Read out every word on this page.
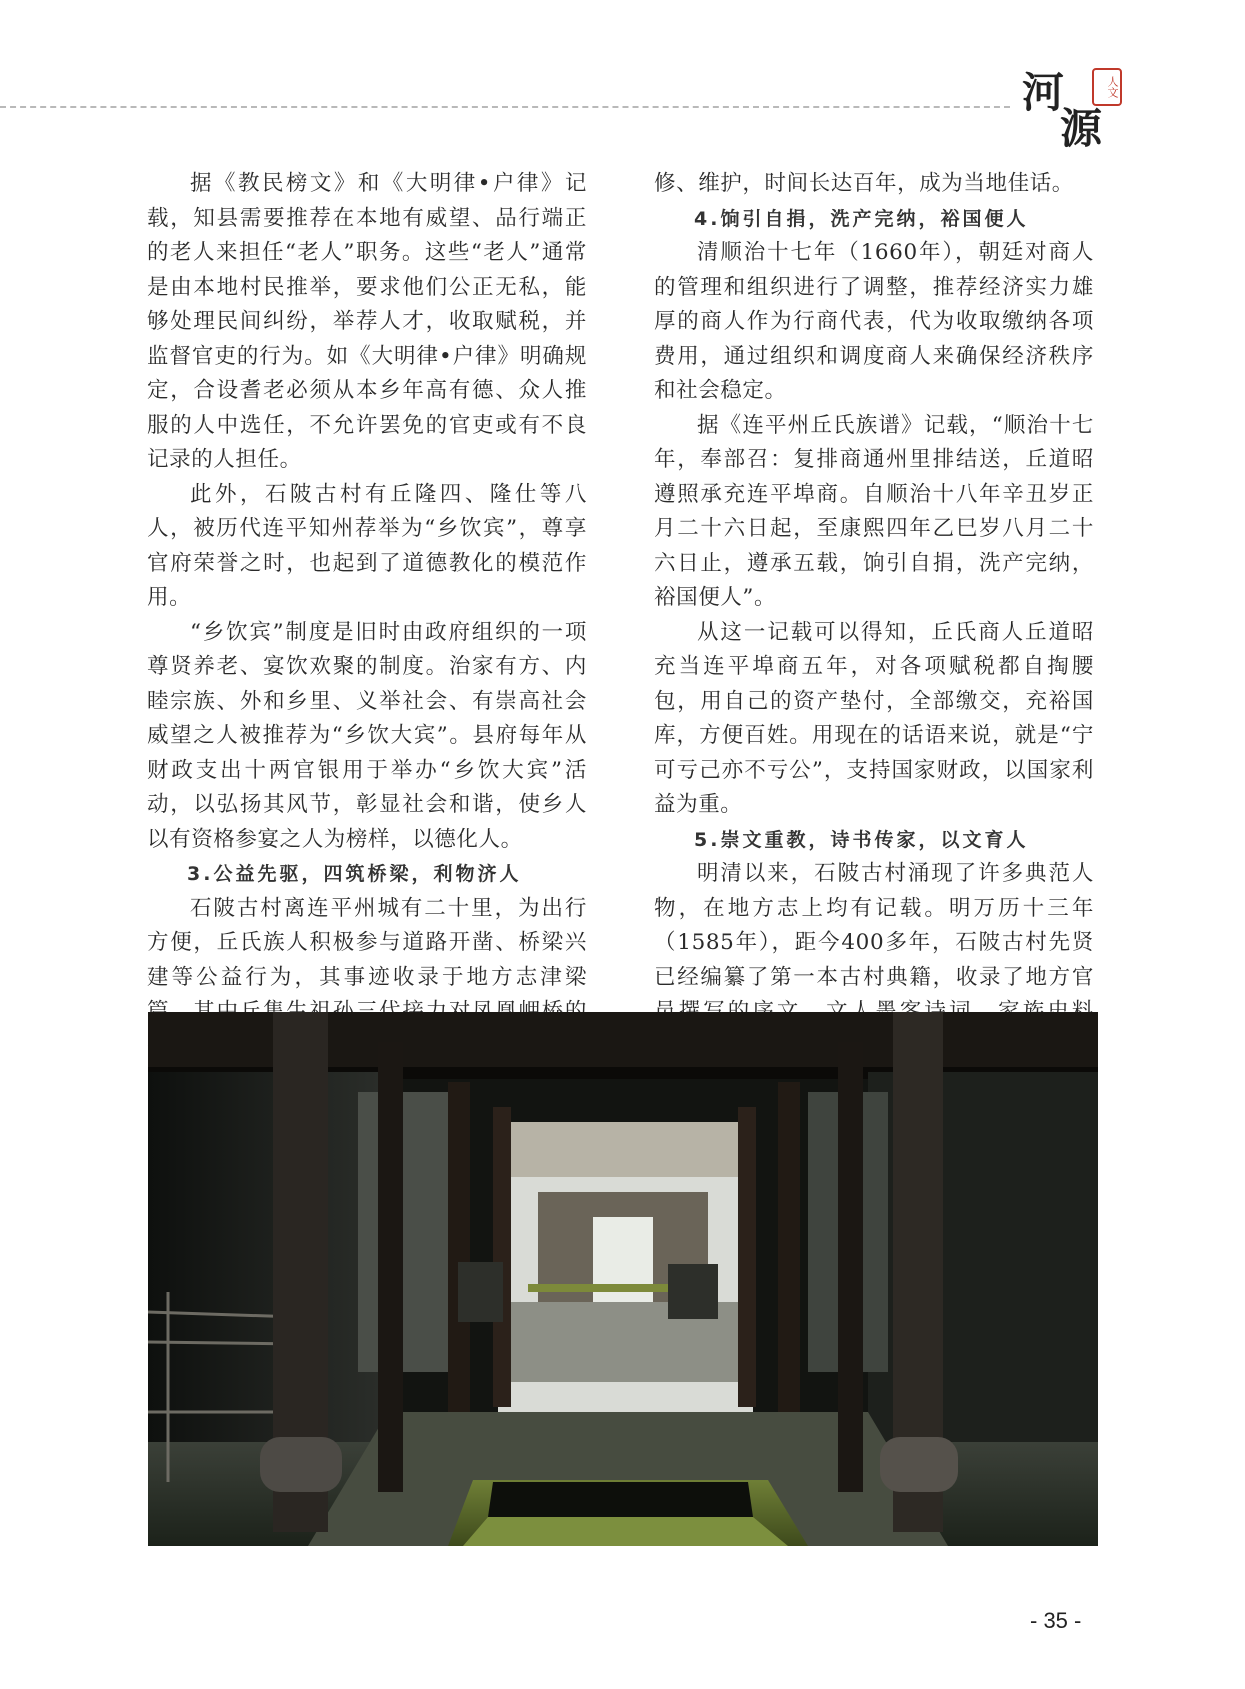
河
源
人文

据《教民榜文》和《大明律•户律》记载，知县需要推荐在本地有威望、品行端正的老人来担任“老人”职务。这些“老人”通常是由本地村民推举，要求他们公正无私，能够处理民间纠纷，举荐人才，收取赋税，并监督官吏的行为。如《大明律•户律》明确规定，合设耆老必须从本乡年高有德、众人推服的人中选任，不允许罢免的官吏或有不良记录的人担任。

此外，石陂古村有丘隆四、隆仕等八人，被历代连平知州荐举为“乡饮宾”，尊享官府荣誉之时，也起到了道德教化的模范作用。

“乡饮宾”制度是旧时由政府组织的一项尊贤养老、宴饮欢聚的制度。治家有方、内睦宗族、外和乡里、义举社会、有崇高社会威望之人被推荐为“乡饮大宾”。县府每年从财政支出十两官银用于举办“乡饮大宾”活动，以弘扬其风节，彰显社会和谐，使乡人以有资格参宴之人为榜样，以德化人。

3.公益先驱，四筑桥梁，利物济人

石陂古村离连平州城有二十里，为出行方便，丘氏族人积极参与道路开凿、桥梁兴建等公益行为，其事迹收录于地方志津梁

修、维护，时间长达百年，成为当地佳话。

4.饷引自捐，洗产完纳，裕国便人

清顺治十七年（1660年），朝廷对商人的管理和组织进行了调整，推荐经济实力雄厚的商人作为行商代表，代为收取缴纳各项费用，通过组织和调度商人来确保经济秩序和社会稳定。

据《连平州丘氏族谱》记载，“顺治十七年，奉部召：复排商通州里排结送，丘道昭遵照承充连平埠商。自顺治十八年辛丑岁正月二十六日起，至康熙四年乙巳岁八月二十六日止，遵承五载，饷引自捐，洗产完纳，裕国便人”。

从这一记载可以得知，丘氏商人丘道昭充当连平埠商五年，对各项赋税都自掏腰包，用自己的资产垫付，全部缴交，充裕国库，方便百姓。用现在的话语来说，就是“宁可亏己亦不亏公”，支持国家财政，以国家利益为重。

5.崇文重教，诗书传家，以文育人

明清以来，石陂古村涌现了许多典范人物，在地方志上均有记载。明万历十三年（1585年），距今400多年，石陂古村先贤已经编纂了第一本古村典籍，收录了地方官

- 35 -
